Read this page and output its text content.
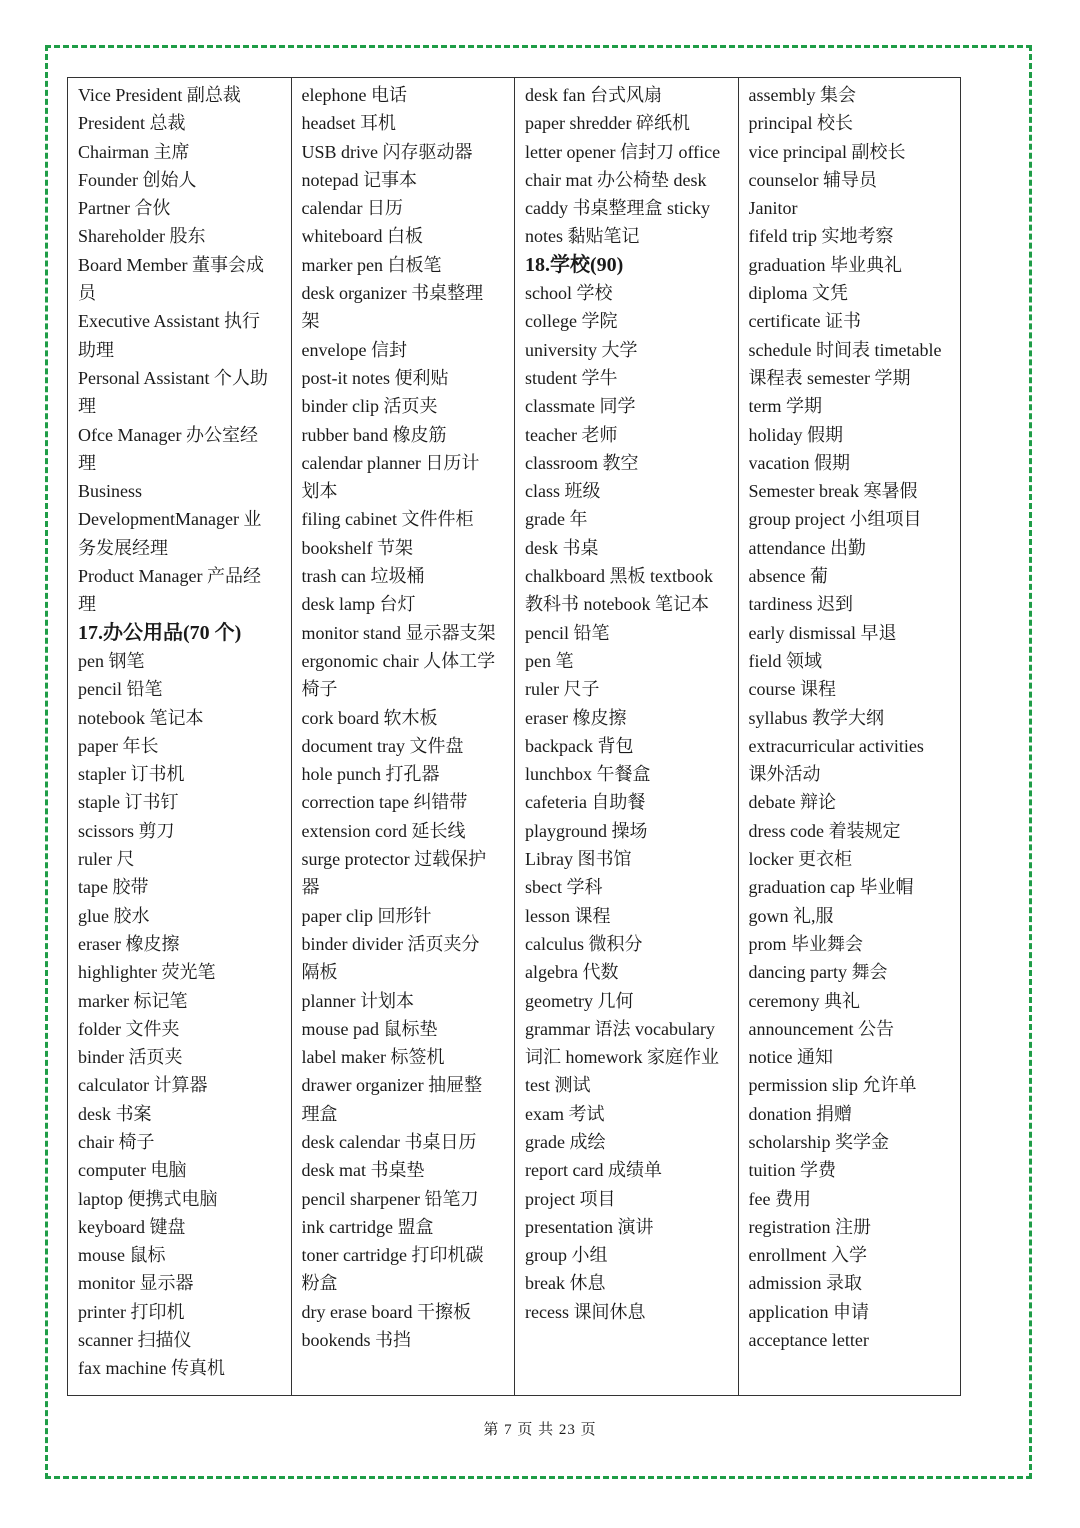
Vice President 副总裁
President 总裁
Chairman 主席
Founder 创始人
Partner 合伙
Shareholder 股东
Board Member 董事会成
员
Executive Assistant 执行
助理
Personal Assistant 个人助
理
Ofce Manager 办公室经
理
Business
DevelopmentManager 业
务发展经理
Product Manager 产品经
理
17.办公用品(70 个)
pen 钢笔
pencil 铅笔
notebook 笔记本
paper 年长
stapler 订书机
staple 订书钉
scissors 剪刀
ruler 尺
tape 胶带
glue 胶水
eraser 橡皮擦
highlighter 荧光笔
marker 标记笔
folder 文件夹
binder 活页夹
calculator 计算器
desk 书案
chair 椅子
computer 电脑
laptop 便携式电脑
keyboard 键盘
mouse 鼠标
monitor 显示器
printer 打印机
scanner 扫描仪
fax machine 传真机
elephone 电话
headset 耳机
USB drive 闪存驱动器
notepad 记事本
calendar 日历
whiteboard 白板
marker pen 白板笔
desk organizer 书桌整理
架
envelope 信封
post-it notes 便利贴
binder clip 活页夹
rubber band 橡皮筋
calendar planner 日历计
划本
filing cabinet 文件件柜
bookshelf 节架
trash can 垃圾桶
desk lamp 台灯
monitor stand 显示器支架
ergonomic chair 人体工学
椅子
cork board 软木板
document tray 文件盘
hole punch 打孔器
correction tape 纠错带
extension cord 延长线
surge protector 过载保护
器
paper clip 回形针
binder divider 活页夹分
隔板
planner 计划本
mouse pad 鼠标垫
label maker 标签机
drawer organizer 抽屉整
理盒
desk calendar 书桌日历
desk mat 书桌垫
pencil sharpener 铅笔刀
ink cartridge 盟盒
toner cartridge 打印机碳
粉盒
dry erase board 干擦板
bookends 书挡
desk fan 台式风扇
paper shredder 碎纸机
letter opener 信封刀 office
chair mat 办公椅垫 desk
caddy 书桌整理盒 sticky
notes 黏贴笔记
18.学校(90)
school 学校
college 学院
university 大学
student 学牛
classmate 同学
teacher 老师
classroom 教空
class 班级
grade 年
desk 书桌
chalkboard 黑板 textbook
教科书 notebook 笔记本
pencil 铅笔
pen 笔
ruler 尺子
eraser 橡皮擦
backpack 背包
lunchbox 午餐盒
cafeteria 自助餐
playground 操场
Libray 图书馆
sbect 学科
lesson 课程
calculus 微积分
algebra 代数
geometry 几何
grammar 语法 vocabulary
词汇 homework 家庭作业
test 测试
exam 考试
grade 成绘
report card 成绩单
project 项目
presentation 演讲
group 小组
break 休息
recess 课间休息
assembly 集会
principal 校长
vice principal 副校长
counselor 辅导员
Janitor
fifeld trip 实地考察
graduation 毕业典礼
diploma 文凭
certificate 证书
schedule 时间表 timetable
课程表 semester 学期
term 学期
holiday 假期
vacation 假期
Semester break 寒暑假
group project 小组项目
attendance 出勤
absence 葡
tardiness 迟到
early dismissal 早退
field 领域
course 课程
syllabus 教学大纲
extracurricular activities
课外活动
debate 辩论
dress code 着装规定
locker 更衣柜
graduation cap 毕业帽
gown 礼,服
prom 毕业舞会
dancing party 舞会
ceremony 典礼
announcement 公告
notice 通知
permission slip 允许单
donation 捐赠
scholarship 奖学金
tuition 学费
fee 费用
registration 注册
enrollment 入学
admission 录取
application 申请
acceptance letter
第 7 页 共 23 页
